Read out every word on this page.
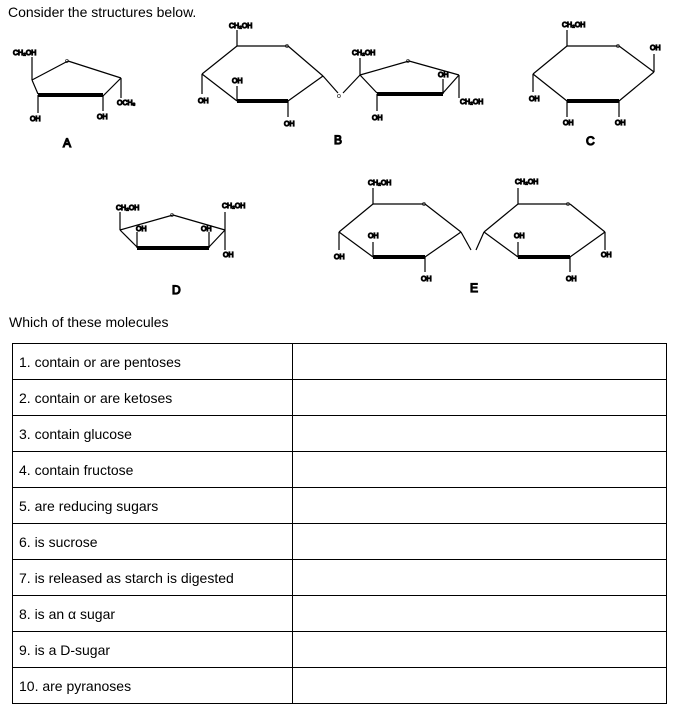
Consider the structures below.
CH₂OH
OH	OH
OCH₃
A
CH₂OH
OH
OH
OH
CH₂OH
OH
CH₂OH
OH
B
CH₂OH
OH
OH
OH	OH
C
CH₂OH	CH₂OH
OH	OH
OH
D
CH₂OH
OH
OH
OH
CH₂OH
OH
OH
OH
E
o
o
o
o
o
o
o	o

Which of these molecules

1. contain or are pentoses	
2. contain or are ketoses	
3. contain glucose	
4. contain fructose	
5. are reducing sugars	
6. is sucrose	
7. is released as starch is digested	
8. is an α sugar	
9. is a D-sugar	
10. are pyranoses	
